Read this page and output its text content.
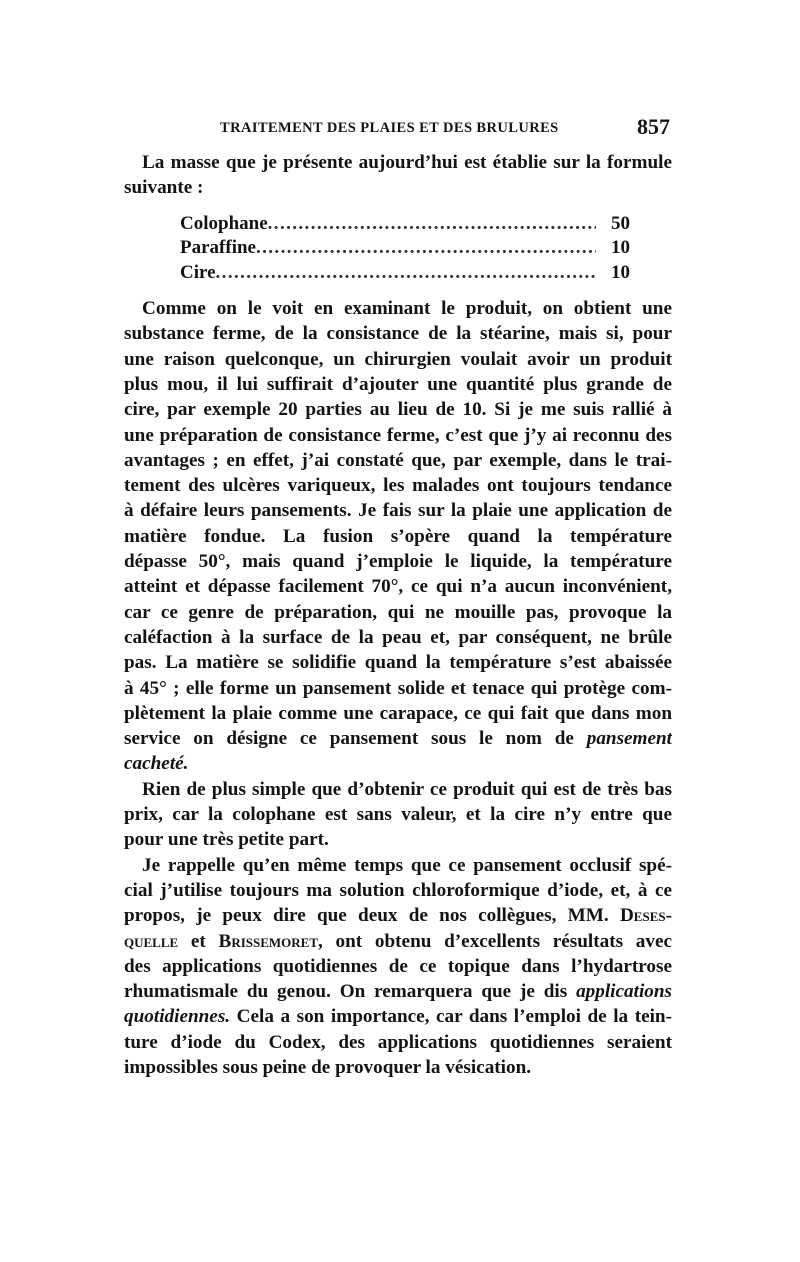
TRAITEMENT DES PLAIES ET DES BRULURES	857
La masse que je présente aujourd’hui est établie sur la formule
suivante :
Colophane .....	50
Paraffine .....	10
Cire .....	10
Comme on le voit en examinant le produit, on obtient une
substance ferme, de la consistance de la stéarine, mais si, pour
une raison quelconque, un chirurgien voulait avoir un produit
plus mou, il lui suffirait d’ajouter une quantité plus grande de
cire, par exemple 20 parties au lieu de 10. Si je me suis rallié à
une préparation de consistance ferme, c’est que j’y ai reconnu des
avantages ; en effet, j’ai constaté que, par exemple, dans le trai-
tement des ulcères variqueux, les malades ont toujours tendance
à défaire leurs pansements. Je fais sur la plaie une application de
matière fondue. La fusion s’opère quand la température
dépasse 50°, mais quand j’emploie le liquide, la température
atteint et dépasse facilement 70°, ce qui n’a aucun inconvénient,
car ce genre de préparation, qui ne mouille pas, provoque la
caléfaction à la surface de la peau et, par conséquent, ne brûle
pas. La matière se solidifie quand la température s’est abaissée
à 45° ; elle forme un pansement solide et tenace qui protège com-
plètement la plaie comme une carapace, ce qui fait que dans mon
service on désigne ce pansement sous le nom de pansement
cacheté.
Rien de plus simple que d’obtenir ce produit qui est de très bas
prix, car la colophane est sans valeur, et la cire n’y entre que
pour une très petite part.
Je rappelle qu’en même temps que ce pansement occlusif spé-
cial j’utilise toujours ma solution chloroformique d’iode, et, à ce
propos, je peux dire que deux de nos collègues, MM. Deses-
quelle et Brissemoret, ont obtenu d’excellents résultats avec
des applications quotidiennes de ce topique dans l’hydartrose
rhumatismale du genou. On remarquera que je dis applications
quotidiennes. Cela a son importance, car dans l’emploi de la tein-
ture d’iode du Codex, des applications quotidiennes seraient
impossibles sous peine de provoquer la vésication.
